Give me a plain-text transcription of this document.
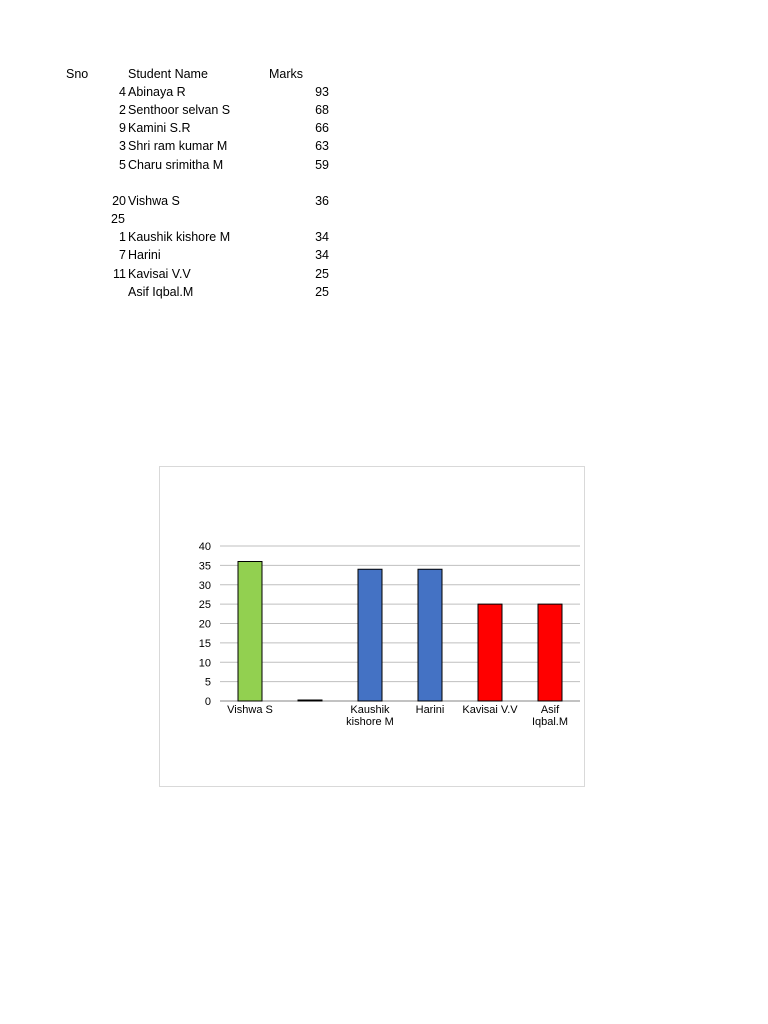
Sno	Student Name	Marks
4 Abinaya R	93
2 Senthoor selvan S	68
9 Kamini S.R	66
3 Shri ram kumar M	63
5 Charu srimitha M	59
20 Vishwa S	36
25
1 Kaushik kishore M	34
7 Harini	34
11 Kavisai V.V	25
Asif Iqbal.M	25
0
5
10
15
20
25
30
35
40
Vishwa S	Kaushik kishore M
Harini Kavisai V.V	Asif Iqbal.M
